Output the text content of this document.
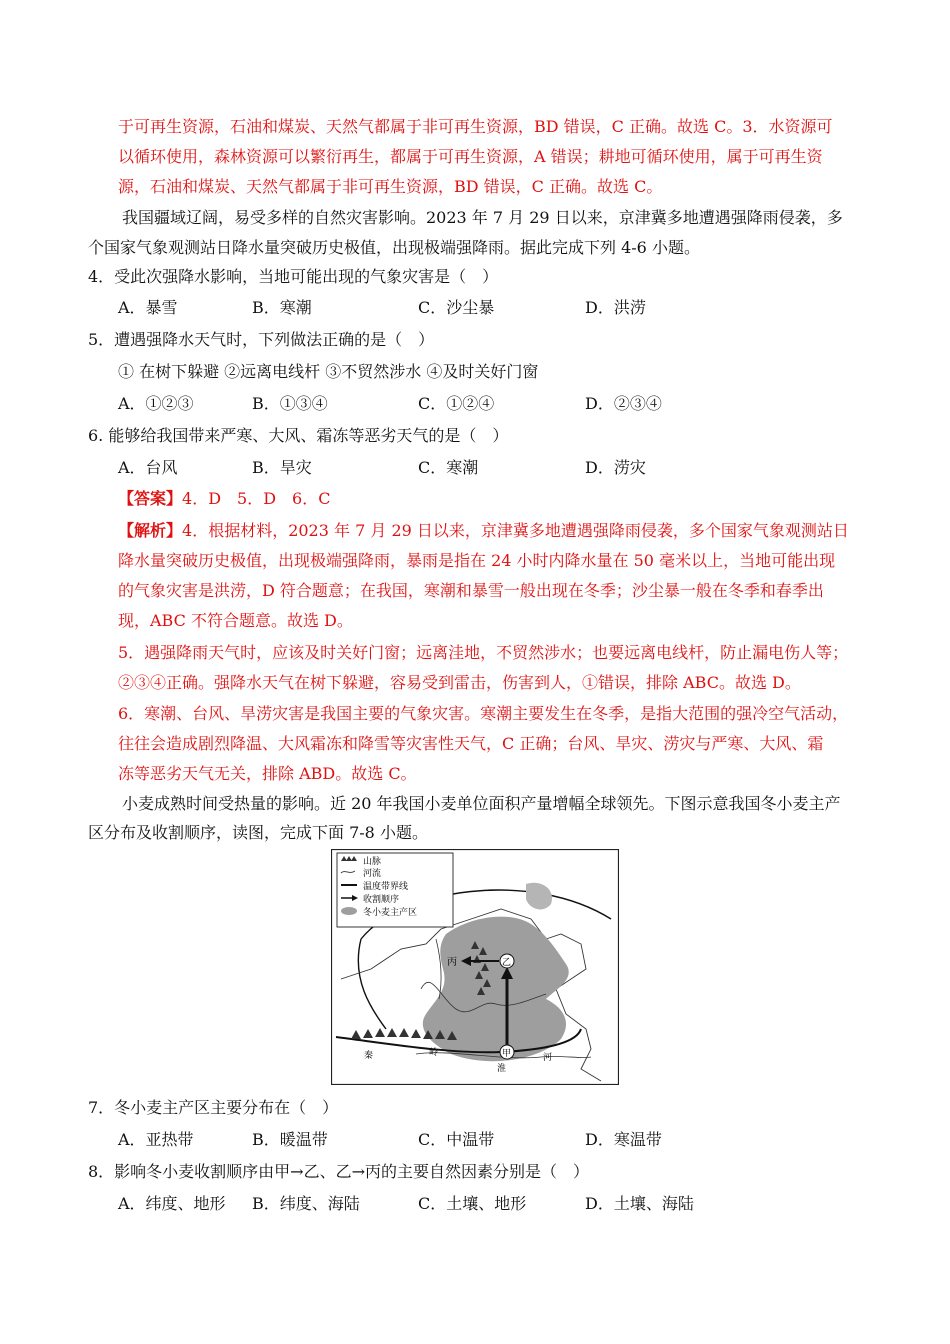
于可再生资源，石油和煤炭、天然气都属于非可再生资源，BD 错误，C 正确。故选 C。3．水资源可
以循环使用，森林资源可以繁衍再生，都属于可再生资源，A 错误；耕地可循环使用，属于可再生资
源，石油和煤炭、天然气都属于非可再生资源，BD 错误，C 正确。故选 C。
我国疆域辽阔，易受多样的自然灾害影响。2023 年 7 月 29 日以来，京津冀多地遭遇强降雨侵袭，多
个国家气象观测站日降水量突破历史极值，出现极端强降雨。据此完成下列 4-6 小题。
4．受此次强降水影响，当地可能出现的气象灾害是（　）
A．暴雪	B．寒潮	C．沙尘暴	D．洪涝
5．遭遇强降水天气时，下列做法正确的是（　）
① 在树下躲避 ②远离电线杆 ③不贸然涉水 ④及时关好门窗
A．①②③	B．①③④	C．①②④	D．②③④
6. 能够给我国带来严寒、大风、霜冻等恶劣天气的是（　）
A．台风	B．旱灾	C．寒潮	D．涝灾
【答案】4．D　5．D　6．C
【解析】4．根据材料，2023 年 7 月 29 日以来，京津冀多地遭遇强降雨侵袭，多个国家气象观测站日
降水量突破历史极值，出现极端强降雨，暴雨是指在 24 小时内降水量在 50 毫米以上，当地可能出现
的气象灾害是洪涝，D 符合题意；在我国，寒潮和暴雪一般出现在冬季；沙尘暴一般在冬季和春季出
现，ABC 不符合题意。故选 D。
5．遇强降雨天气时，应该及时关好门窗；远离洼地，不贸然涉水；也要远离电线杆，防止漏电伤人等；
②③④正确。强降水天气在树下躲避，容易受到雷击，伤害到人，①错误，排除 ABC。故选 D。
6．寒潮、台风、旱涝灾害是我国主要的气象灾害。寒潮主要发生在冬季，是指大范围的强冷空气活动，
往往会造成剧烈降温、大风霜冻和降雪等灾害性天气，C 正确；台风、旱灾、涝灾与严寒、大风、霜
冻等恶劣天气无关，排除 ABD。故选 C。
小麦成熟时间受热量的影响。近 20 年我国小麦单位面积产量增幅全球领先。下图示意我国冬小麦主产
区分布及收割顺序，读图，完成下面 7-8 小题。
山脉
河流
温度带界线
收割顺序
冬小麦主产区
丙	乙
甲
秦	岭
淮
河
7．冬小麦主产区主要分布在（　）
A．亚热带	B．暖温带	C．中温带	D．寒温带
8．影响冬小麦收割顺序由甲→乙、乙→丙的主要自然因素分别是（　）
A．纬度、地形 B．纬度、海陆	C．土壤、地形	D．土壤、海陆
